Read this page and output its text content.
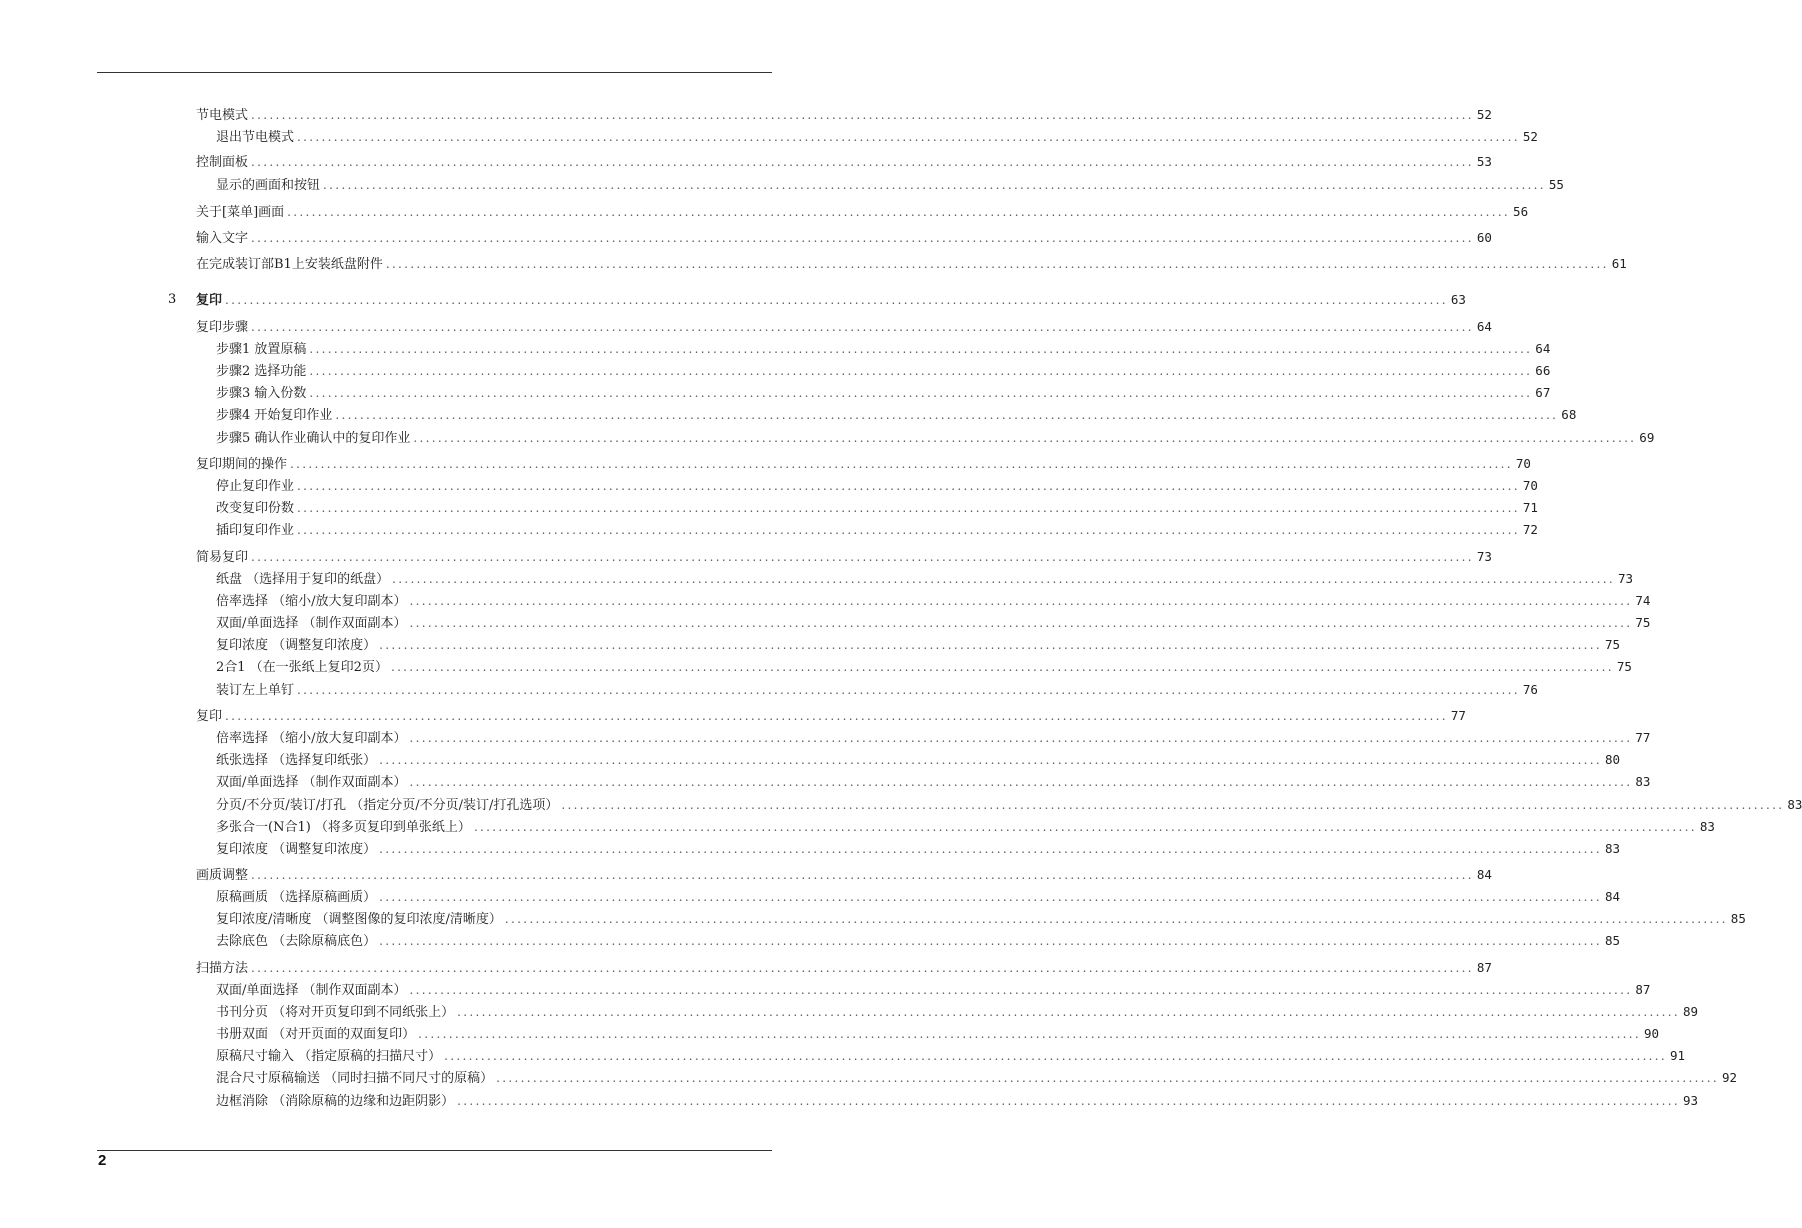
节电模式 ........................................................................................................................................................................................................ 52
退出节电模式 ........................................................................................................................................................................................................ 52
控制面板 ........................................................................................................................................................................................................ 53
显示的画面和按钮 ........................................................................................................................................................................................................ 55
关于[菜单]画面 ........................................................................................................................................................................................................ 56
输入文字 ........................................................................................................................................................................................................ 60
在完成装订部B1上安装纸盘附件 ........................................................................................................................................................................................................ 61
3 复印 ........................................................................................................................................................................................................ 63
复印步骤 ........................................................................................................................................................................................................ 64
步骤1 放置原稿 ........................................................................................................................................................................................................ 64
步骤2 选择功能 ........................................................................................................................................................................................................ 66
步骤3 输入份数 ........................................................................................................................................................................................................ 67
步骤4 开始复印作业 ........................................................................................................................................................................................................ 68
步骤5 确认作业确认中的复印作业 ........................................................................................................................................................................................................ 69
复印期间的操作 ........................................................................................................................................................................................................ 70
停止复印作业 ........................................................................................................................................................................................................ 70
改变复印份数 ........................................................................................................................................................................................................ 71
插印复印作业 ........................................................................................................................................................................................................ 72
简易复印 ........................................................................................................................................................................................................ 73
纸盘 （选择用于复印的纸盘） ........................................................................................................................................................................................................ 73
倍率选择 （缩小/放大复印副本） ........................................................................................................................................................................................................ 74
双面/单面选择 （制作双面副本） ........................................................................................................................................................................................................ 75
复印浓度 （调整复印浓度） ........................................................................................................................................................................................................ 75
2合1 （在一张纸上复印2页） ........................................................................................................................................................................................................ 75
装订左上单钉 ........................................................................................................................................................................................................ 76
复印 ........................................................................................................................................................................................................ 77
倍率选择 （缩小/放大复印副本） ........................................................................................................................................................................................................ 77
纸张选择 （选择复印纸张） ........................................................................................................................................................................................................ 80
双面/单面选择 （制作双面副本） ........................................................................................................................................................................................................ 83
分页/不分页/装订/打孔 （指定分页/不分页/装订/打孔选项） ........................................................................................................................................................................................................ 83
多张合一(N合1) （将多页复印到单张纸上） ........................................................................................................................................................................................................ 83
复印浓度 （调整复印浓度） ........................................................................................................................................................................................................ 83
画质调整 ........................................................................................................................................................................................................ 84
原稿画质 （选择原稿画质） ........................................................................................................................................................................................................ 84
复印浓度/清晰度 （调整图像的复印浓度/清晰度） ........................................................................................................................................................................................................ 85
去除底色 （去除原稿底色） ........................................................................................................................................................................................................ 85
扫描方法 ........................................................................................................................................................................................................ 87
双面/单面选择 （制作双面副本） ........................................................................................................................................................................................................ 87
书刊分页 （将对开页复印到不同纸张上） ........................................................................................................................................................................................................ 89
书册双面 （对开页面的双面复印） ........................................................................................................................................................................................................ 90
原稿尺寸输入 （指定原稿的扫描尺寸） ........................................................................................................................................................................................................ 91
混合尺寸原稿输送 （同时扫描不同尺寸的原稿） ........................................................................................................................................................................................................ 92
边框消除 （消除原稿的边缘和边距阴影） ........................................................................................................................................................................................................ 93
2
